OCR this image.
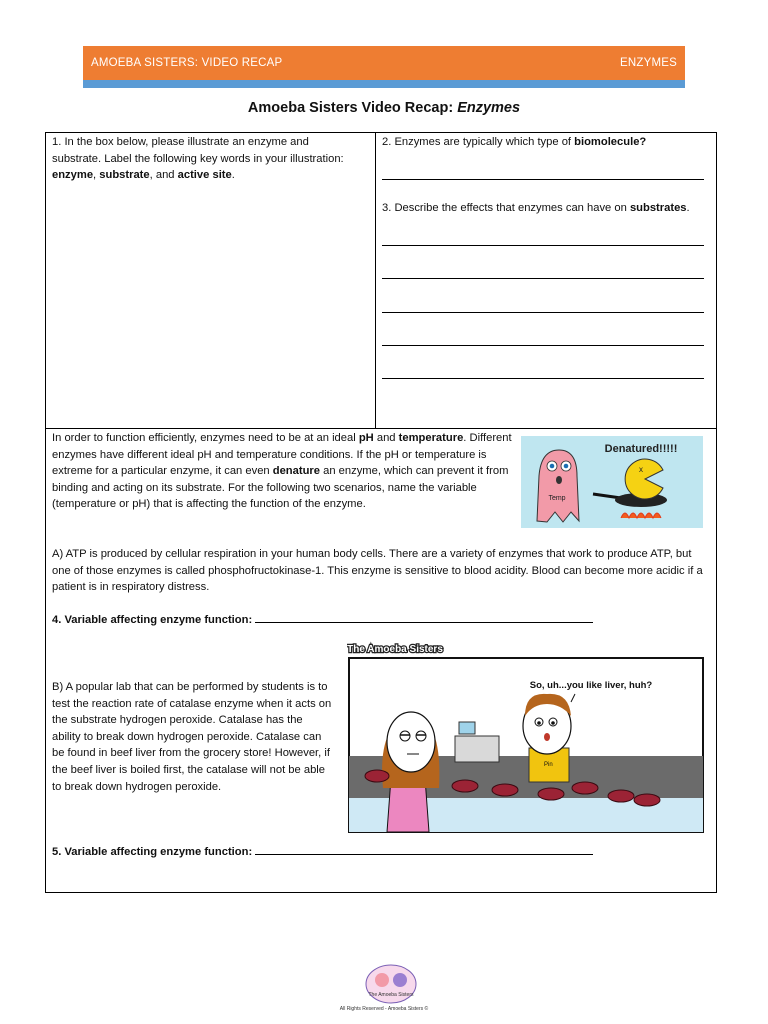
AMOEBA SISTERS: VIDEO RECAP	ENZYMES
Amoeba Sisters Video Recap: Enzymes
1. In the box below, please illustrate an enzyme and substrate. Label the following key words in your illustration: enzyme, substrate, and active site.
2. Enzymes are typically which type of biomolecule?
3. Describe the effects that enzymes can have on substrates.
In order to function efficiently, enzymes need to be at an ideal pH and temperature. Different enzymes have different ideal pH and temperature conditions. If the pH or temperature is extreme for a particular enzyme, it can even denature an enzyme, which can prevent it from binding and acting on its substrate. For the following two scenarios, name the variable (temperature or pH) that is affecting the function of the enzyme.
Denatured!!!!!
Temp
x
A) ATP is produced by cellular respiration in your human body cells. There are a variety of enzymes that work to produce ATP, but one of those enzymes is called phosphofructokinase-1. This enzyme is sensitive to blood acidity. Blood can become more acidic if a patient is in respiratory distress.
4. Variable affecting enzyme function:
B) A popular lab that can be performed by students is to test the reaction rate of catalase enzyme when it acts on the substrate hydrogen peroxide. Catalase has the ability to break down hydrogen peroxide. Catalase can be found in beef liver from the grocery store! However, if the beef liver is boiled first, the catalase will not be able to break down hydrogen peroxide.
The Amoeba Sisters
So, uh...you like liver, huh?
Pin
5. Variable affecting enzyme function:
The Amoeba Sisters
All Rights Reserved - Amoeba Sisters ©
